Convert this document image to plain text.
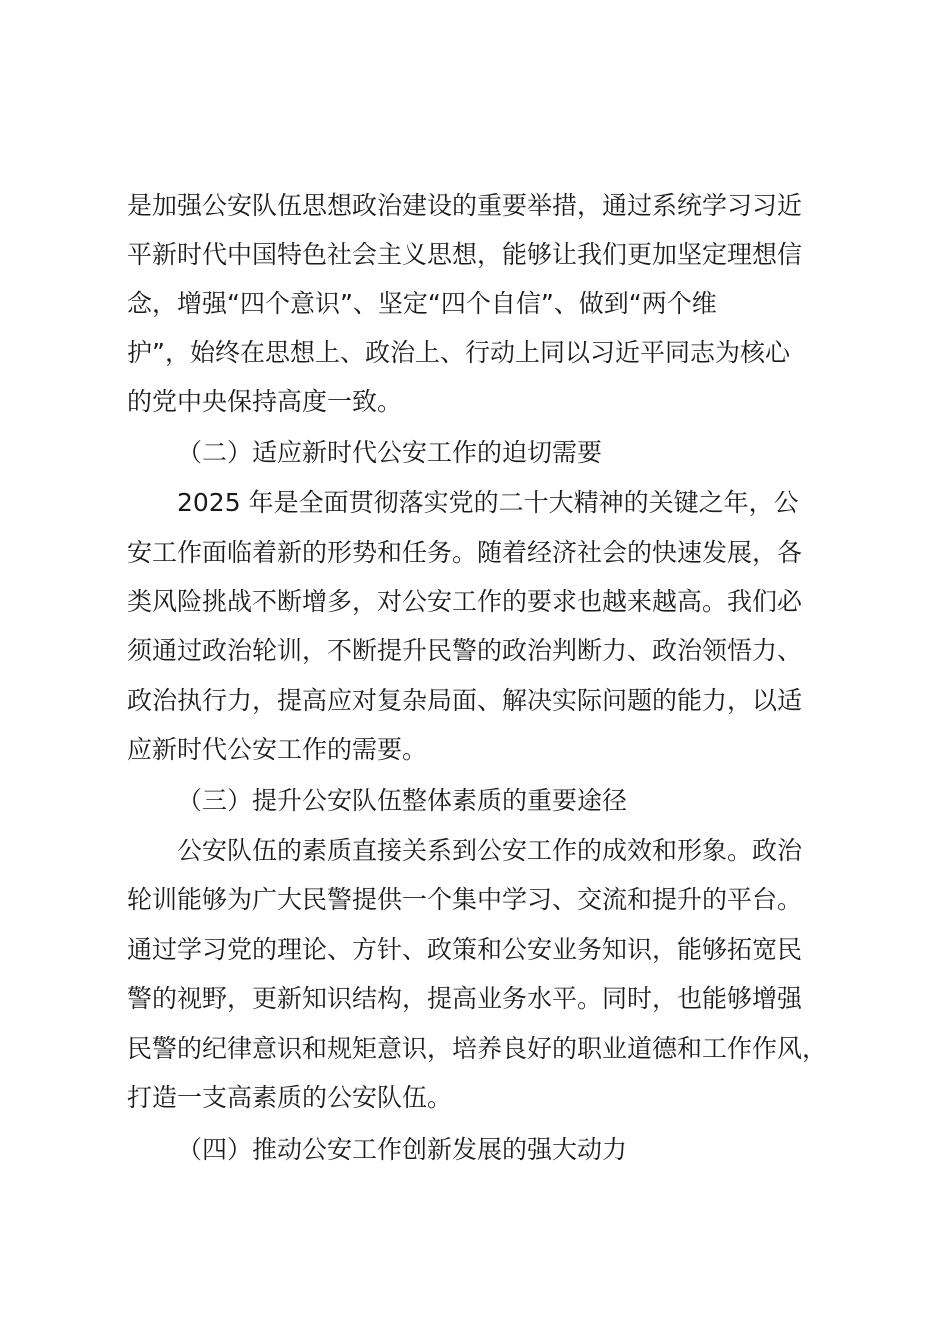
是加强公安队伍思想政治建设的重要举措，通过系统学习习近
平新时代中国特色社会主义思想，能够让我们更加坚定理想信
念，增强“四个意识”、坚定“四个自信”、做到“两个维
护”，始终在思想上、政治上、行动上同以习近平同志为核心
的党中央保持高度一致。
（二）适应新时代公安工作的迫切需要
2025 年是全面贯彻落实党的二十大精神的关键之年，公
安工作面临着新的形势和任务。随着经济社会的快速发展，各
类风险挑战不断增多，对公安工作的要求也越来越高。我们必
须通过政治轮训，不断提升民警的政治判断力、政治领悟力、
政治执行力，提高应对复杂局面、解决实际问题的能力，以适
应新时代公安工作的需要。
（三）提升公安队伍整体素质的重要途径
公安队伍的素质直接关系到公安工作的成效和形象。政治
轮训能够为广大民警提供一个集中学习、交流和提升的平台。
通过学习党的理论、方针、政策和公安业务知识，能够拓宽民
警的视野，更新知识结构，提高业务水平。同时，也能够增强
民警的纪律意识和规矩意识，培养良好的职业道德和工作作风，
打造一支高素质的公安队伍。
（四）推动公安工作创新发展的强大动力
